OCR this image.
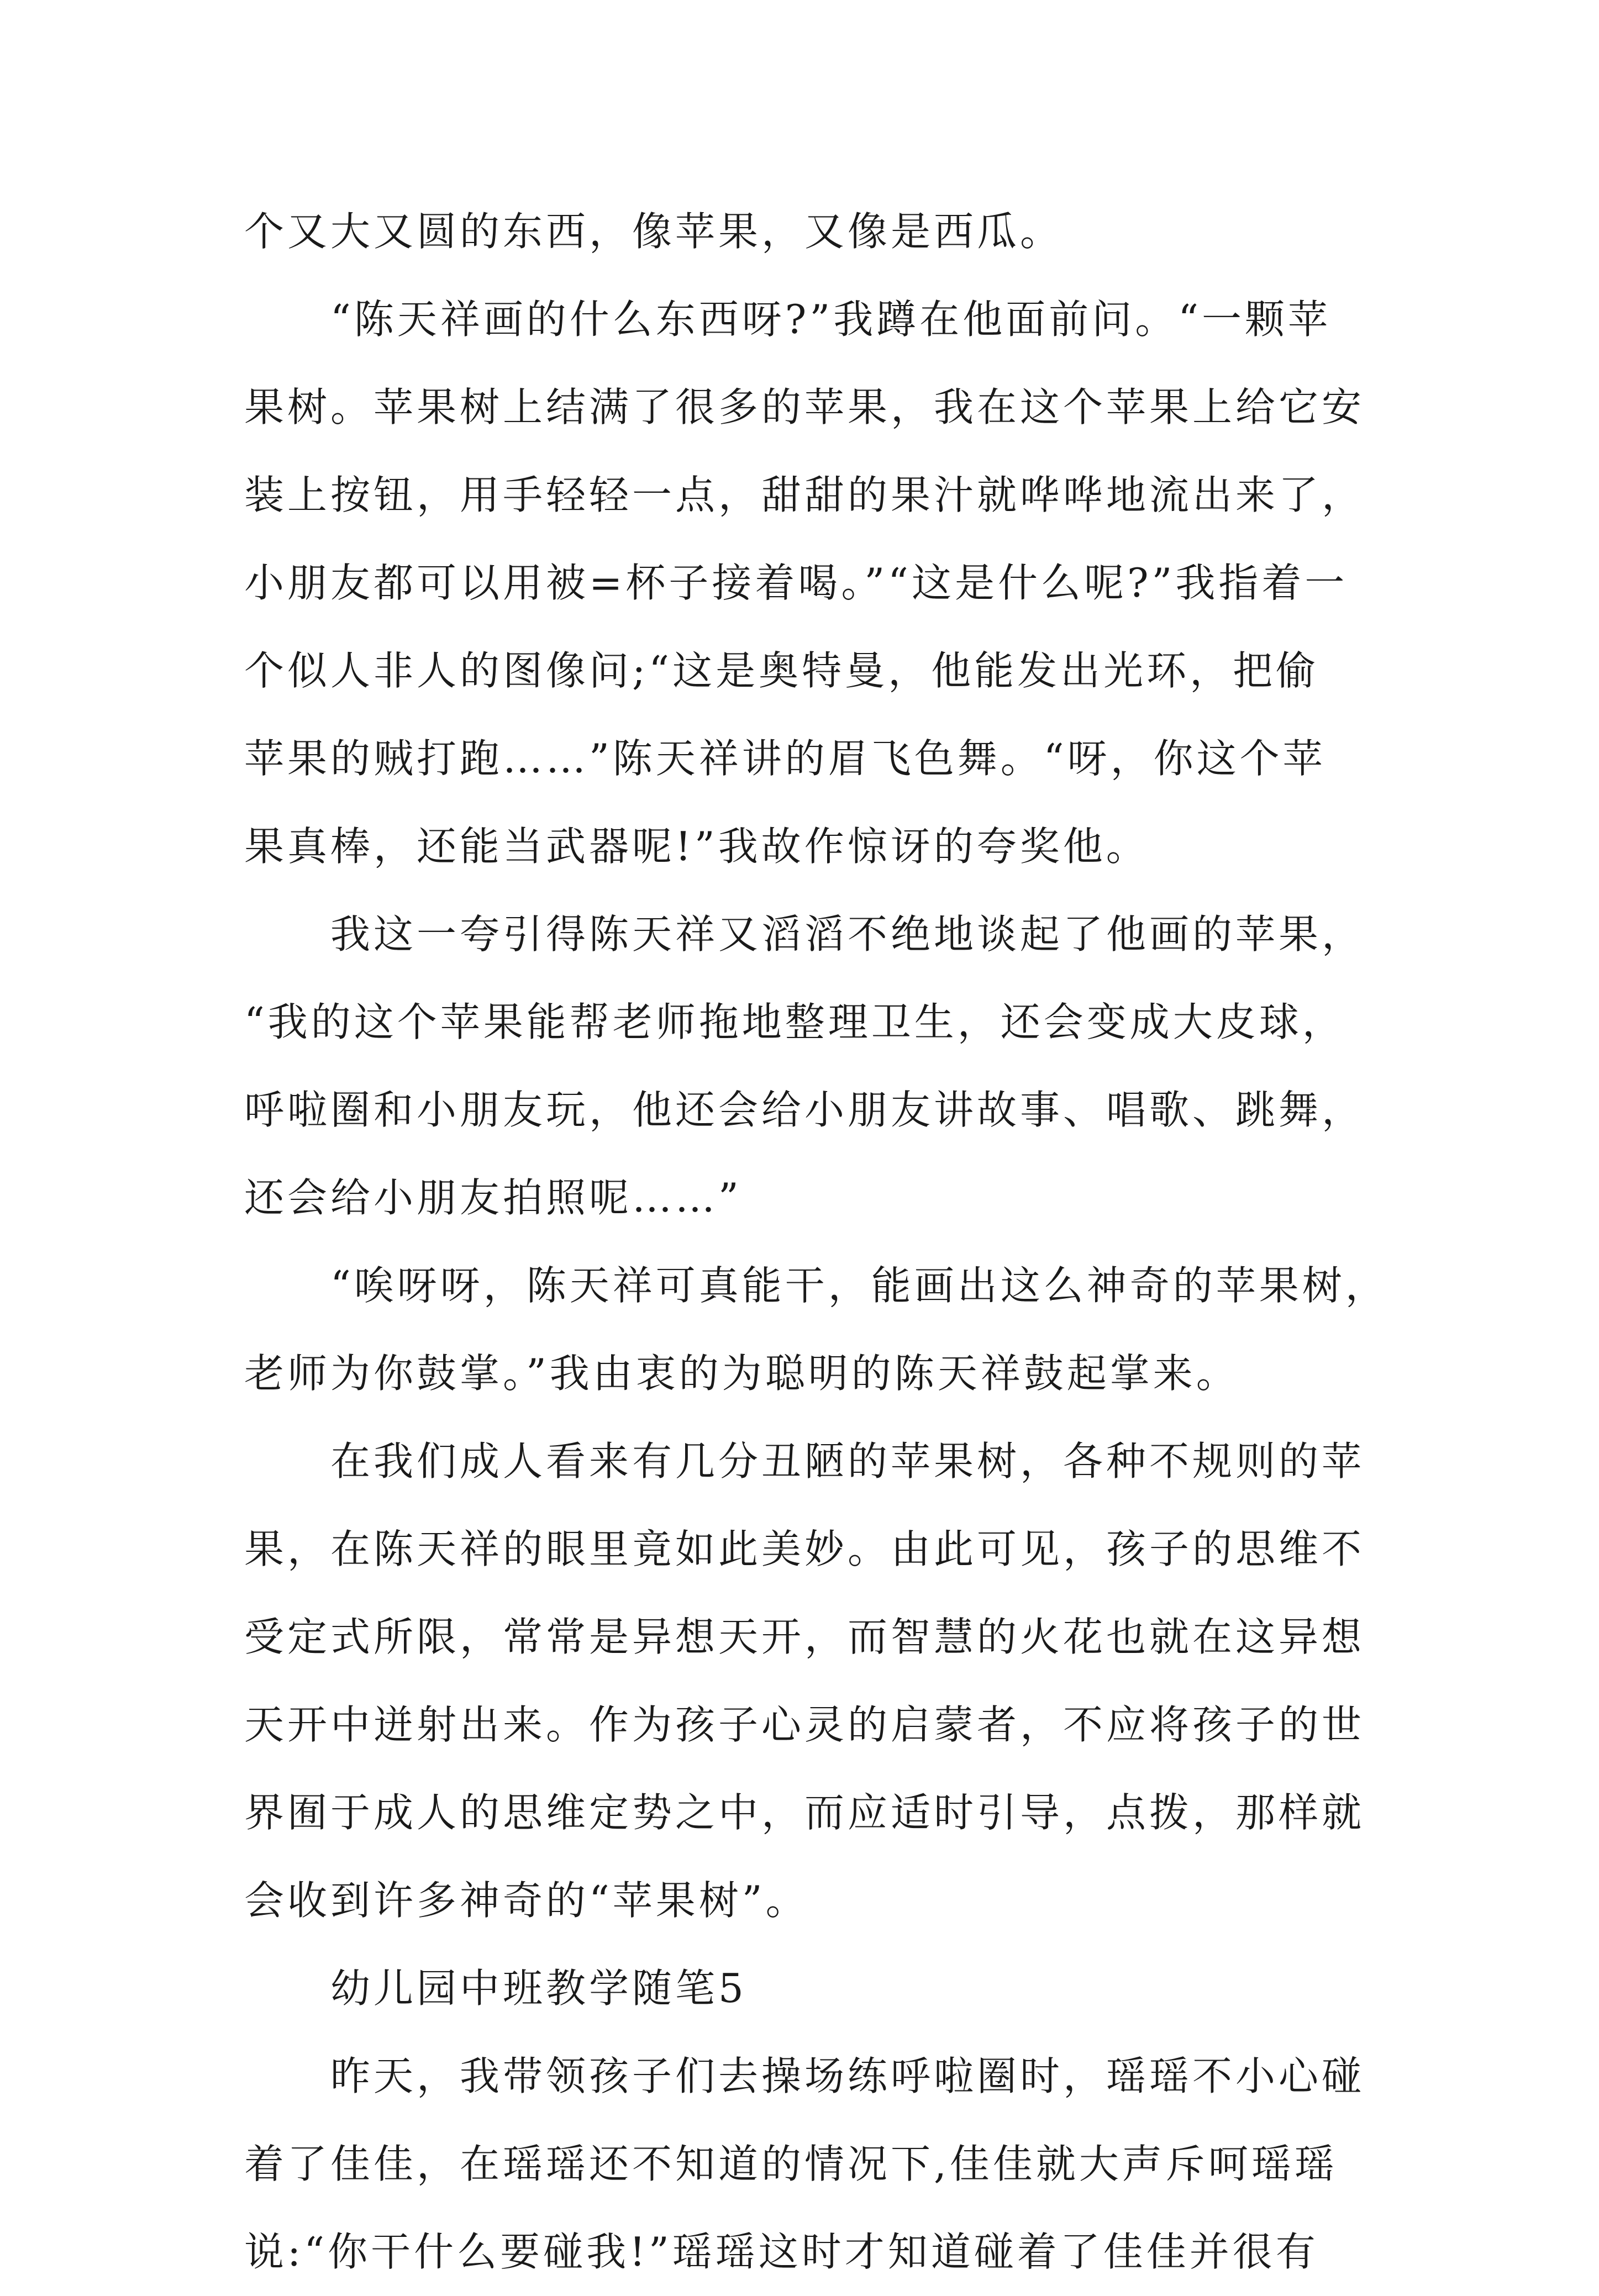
个又大又圆的东西，像苹果，又像是西瓜。
“陈天祥画的什么东西呀?”我蹲在他面前问。“一颗苹
果树。苹果树上结满了很多的苹果，我在这个苹果上给它安
装上按钮，用手轻轻一点，甜甜的果汁就哗哗地流出来了，
小朋友都可以用被=杯子接着喝。”“这是什么呢?”我指着一
个似人非人的图像问;“这是奥特曼，他能发出光环，把偷
苹果的贼打跑……”陈天祥讲的眉飞色舞。“呀，你这个苹
果真棒，还能当武器呢!”我故作惊讶的夸奖他。
我这一夸引得陈天祥又滔滔不绝地谈起了他画的苹果，
“我的这个苹果能帮老师拖地整理卫生，还会变成大皮球，
呼啦圈和小朋友玩，他还会给小朋友讲故事、唱歌、跳舞，
还会给小朋友拍照呢……”
“唉呀呀，陈天祥可真能干，能画出这么神奇的苹果树，
老师为你鼓掌。”我由衷的为聪明的陈天祥鼓起掌来。
在我们成人看来有几分丑陋的苹果树，各种不规则的苹
果，在陈天祥的眼里竟如此美妙。由此可见，孩子的思维不
受定式所限，常常是异想天开，而智慧的火花也就在这异想
天开中迸射出来。作为孩子心灵的启蒙者，不应将孩子的世
界囿于成人的思维定势之中，而应适时引导，点拨，那样就
会收到许多神奇的“苹果树”。
幼儿园中班教学随笔5
昨天，我带领孩子们去操场练呼啦圈时，瑶瑶不小心碰
着了佳佳，在瑶瑶还不知道的情况下,佳佳就大声斥呵瑶瑶
说:“你干什么要碰我!”瑶瑶这时才知道碰着了佳佳并很有
